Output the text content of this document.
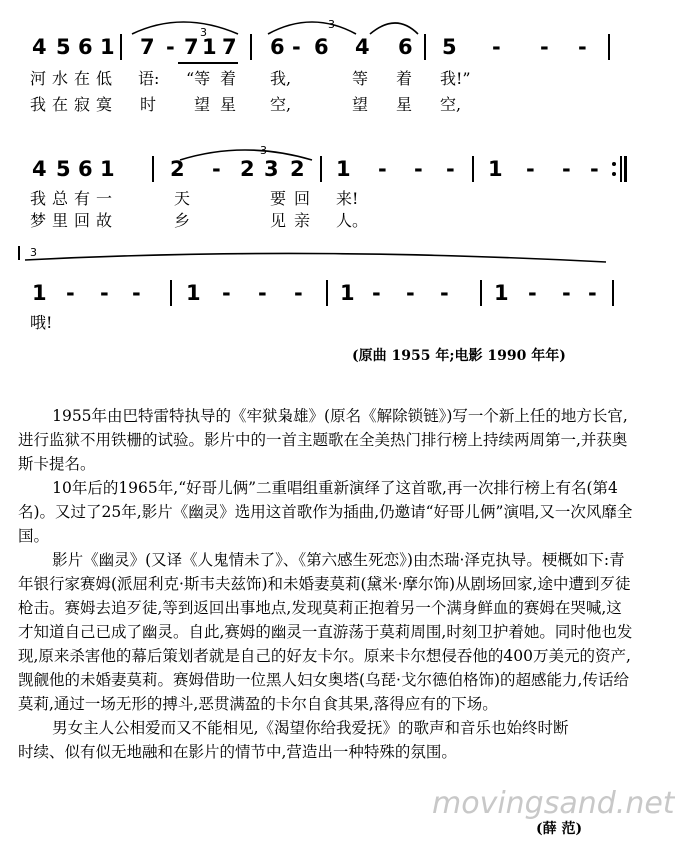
4 5 6 1 7 - 7 1 7
3
6 - 6 4 6
3
5 - - -
河 水 在 低 语: “等 着 我,	等 着 我!”
我 在 寂 寞 时 望 星 空,	望 星 空,
4 5 6 1	2 - 2 3 2
3
1 - - - 1 - - -
我 总 有 一	天	要 回 来!
梦 里 回 故	乡	见 亲 人。
3
1 - - - 1 - - - 1 - - - 1 - - -
哦!
(原曲 1955 年;电影 1990 年年)

1955年由巴特雷特执导的《牢狱枭雄》(原名《解除锁链》)写一个新上任的地方长官,进行监狱不用铁栅的试验。影片中的一首主题歌在全美热门排行榜上持续两周第一,并获奥斯卡提名。

10年后的1965年,“好哥儿俩”二重唱组重新演绎了这首歌,再一次排行榜上有名(第4名)。又过了25年,影片《幽灵》选用这首歌作为插曲,仍邀请“好哥儿俩”演唱,又一次风靡全国。

影片《幽灵》(又译《人鬼情未了》、《第六感生死恋》)由杰瑞·泽克执导。梗概如下:青年银行家赛姆(派屈利克·斯韦夫兹饰)和未婚妻莫莉(黛米·摩尔饰)从剧场回家,途中遭到歹徒枪击。赛姆去追歹徒,等到返回出事地点,发现莫莉正抱着另一个满身鲜血的赛姆在哭喊,这才知道自己已成了幽灵。自此,赛姆的幽灵一直游荡于莫莉周围,时刻卫护着她。同时他也发现,原来杀害他的幕后策划者就是自己的好友卡尔。原来卡尔想侵吞他的400万美元的资产,觊觎他的未婚妻莫莉。赛姆借助一位黑人妇女奥塔(乌琵·戈尔德伯格饰)的超感能力,传话给莫莉,通过一场无形的搏斗,恶贯满盈的卡尔自食其果,落得应有的下场。

男女主人公相爱而又不能相见,《渴望你给我爱抚》的歌声和音乐也始终时断时续、似有似无地融和在影片的情节中,营造出一种特殊的氛围。

movingsand.net
(薛 范)
